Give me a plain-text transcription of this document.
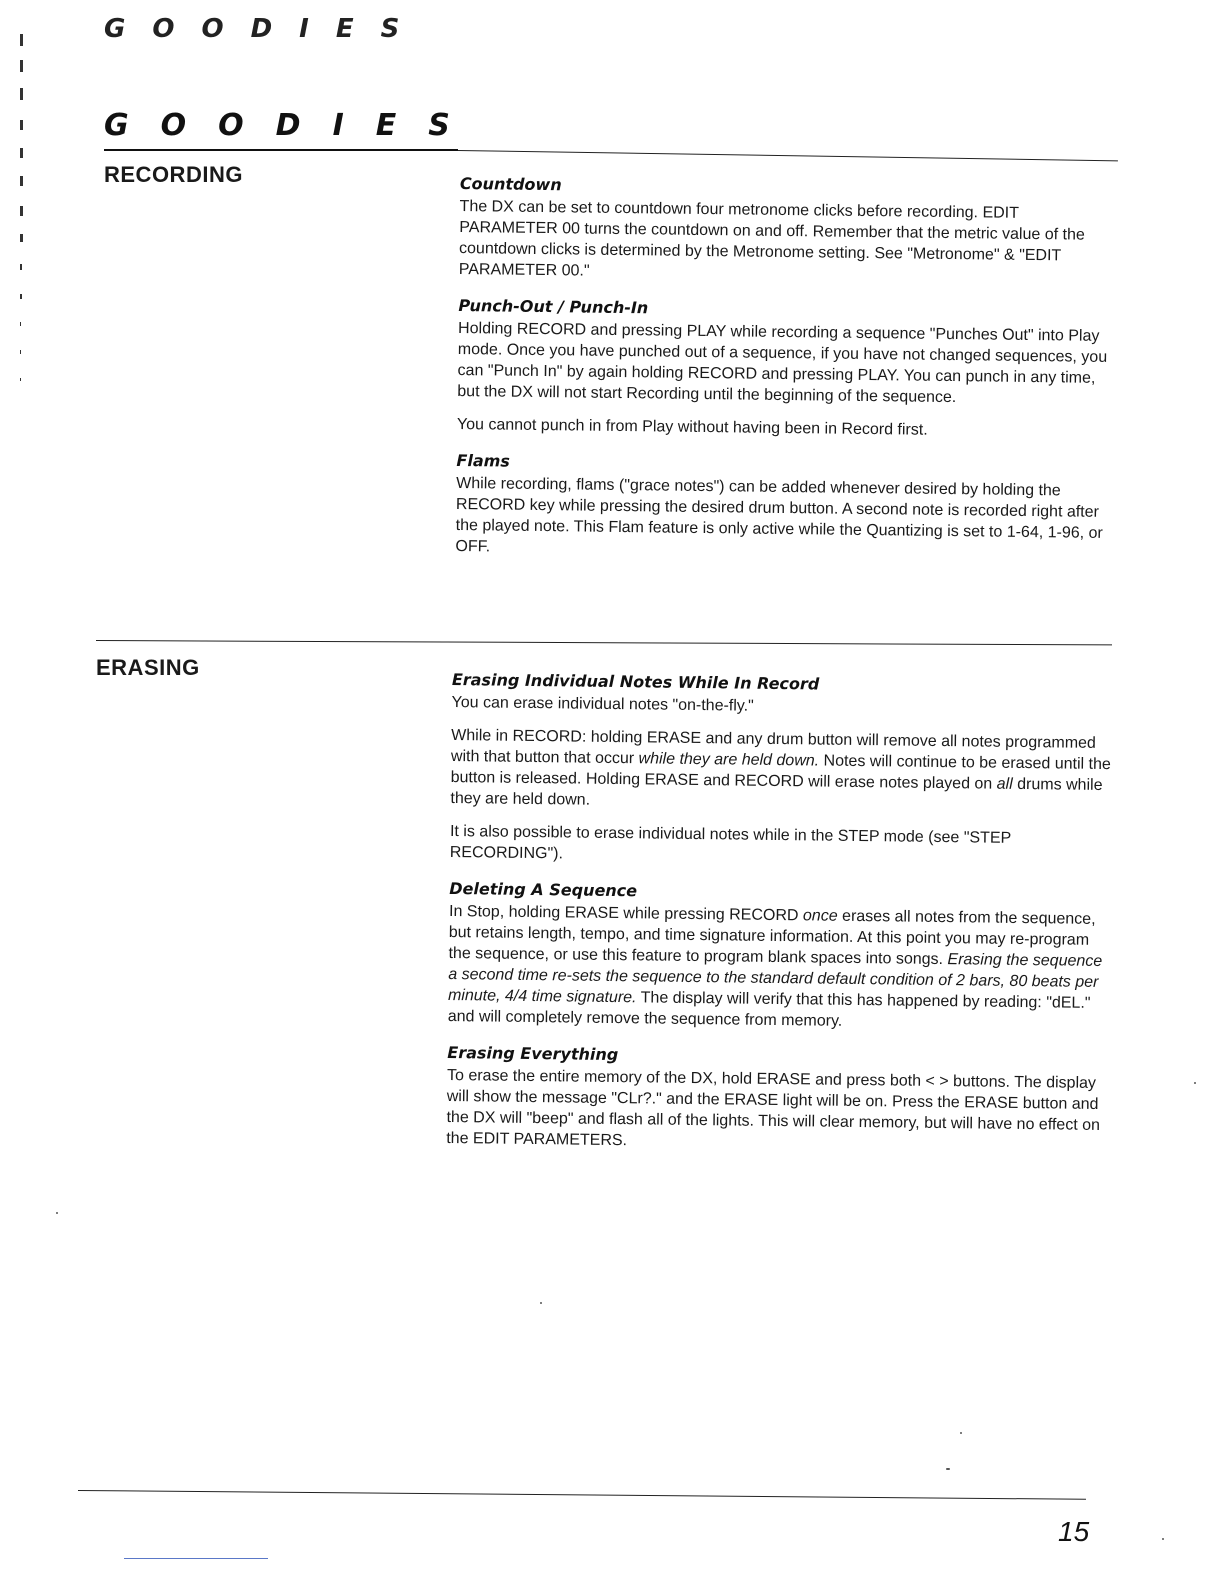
G O O D I E S
G O O D I E S
RECORDING	Countdown

The DX can be set to countdown four metronome clicks before recording. EDIT PARAMETER 00 turns the countdown on and off. Remember that the metric value of the countdown clicks is determined by the Metronome setting. See "Metronome" & "EDIT PARAMETER 00."

Punch-Out / Punch-In

Holding RECORD and pressing PLAY while recording a sequence "Punches Out" into Play mode. Once you have punched out of a sequence, if you have not changed sequences, you can "Punch In" by again holding RECORD and pressing PLAY. You can punch in any time, but the DX will not start Recording until the beginning of the sequence.

You cannot punch in from Play without having been in Record first.

Flams

While recording, flams ("grace notes") can be added whenever desired by holding the RECORD key while pressing the desired drum button. A second note is recorded right after the played note. This Flam feature is only active while the Quantizing is set to 1-64, 1-96, or OFF.

ERASING

Erasing Individual Notes While In Record

You can erase individual notes "on-the-fly."

While in RECORD: holding ERASE and any drum button will remove all notes programmed with that button that occur while they are held down. Notes will continue to be erased until the button is released. Holding ERASE and RECORD will erase notes played on all drums while they are held down.

It is also possible to erase individual notes while in the STEP mode (see "STEP RECORDING").

Deleting A Sequence

In Stop, holding ERASE while pressing RECORD once erases all notes from the sequence, but retains length, tempo, and time signature information. At this point you may re-program the sequence, or use this feature to program blank spaces into songs. Erasing the sequence a second time re-sets the sequence to the standard default condition of 2 bars, 80 beats per minute, 4/4 time signature. The display will verify that this has happened by reading: "dEL." and will completely remove the sequence from memory.

Erasing Everything

To erase the entire memory of the DX, hold ERASE and press both < > buttons. The display will show the message "CLr?." and the ERASE light will be on. Press the ERASE button and the DX will "beep" and flash all of the lights. This will clear memory, but will have no effect on the EDIT PARAMETERS.

15
